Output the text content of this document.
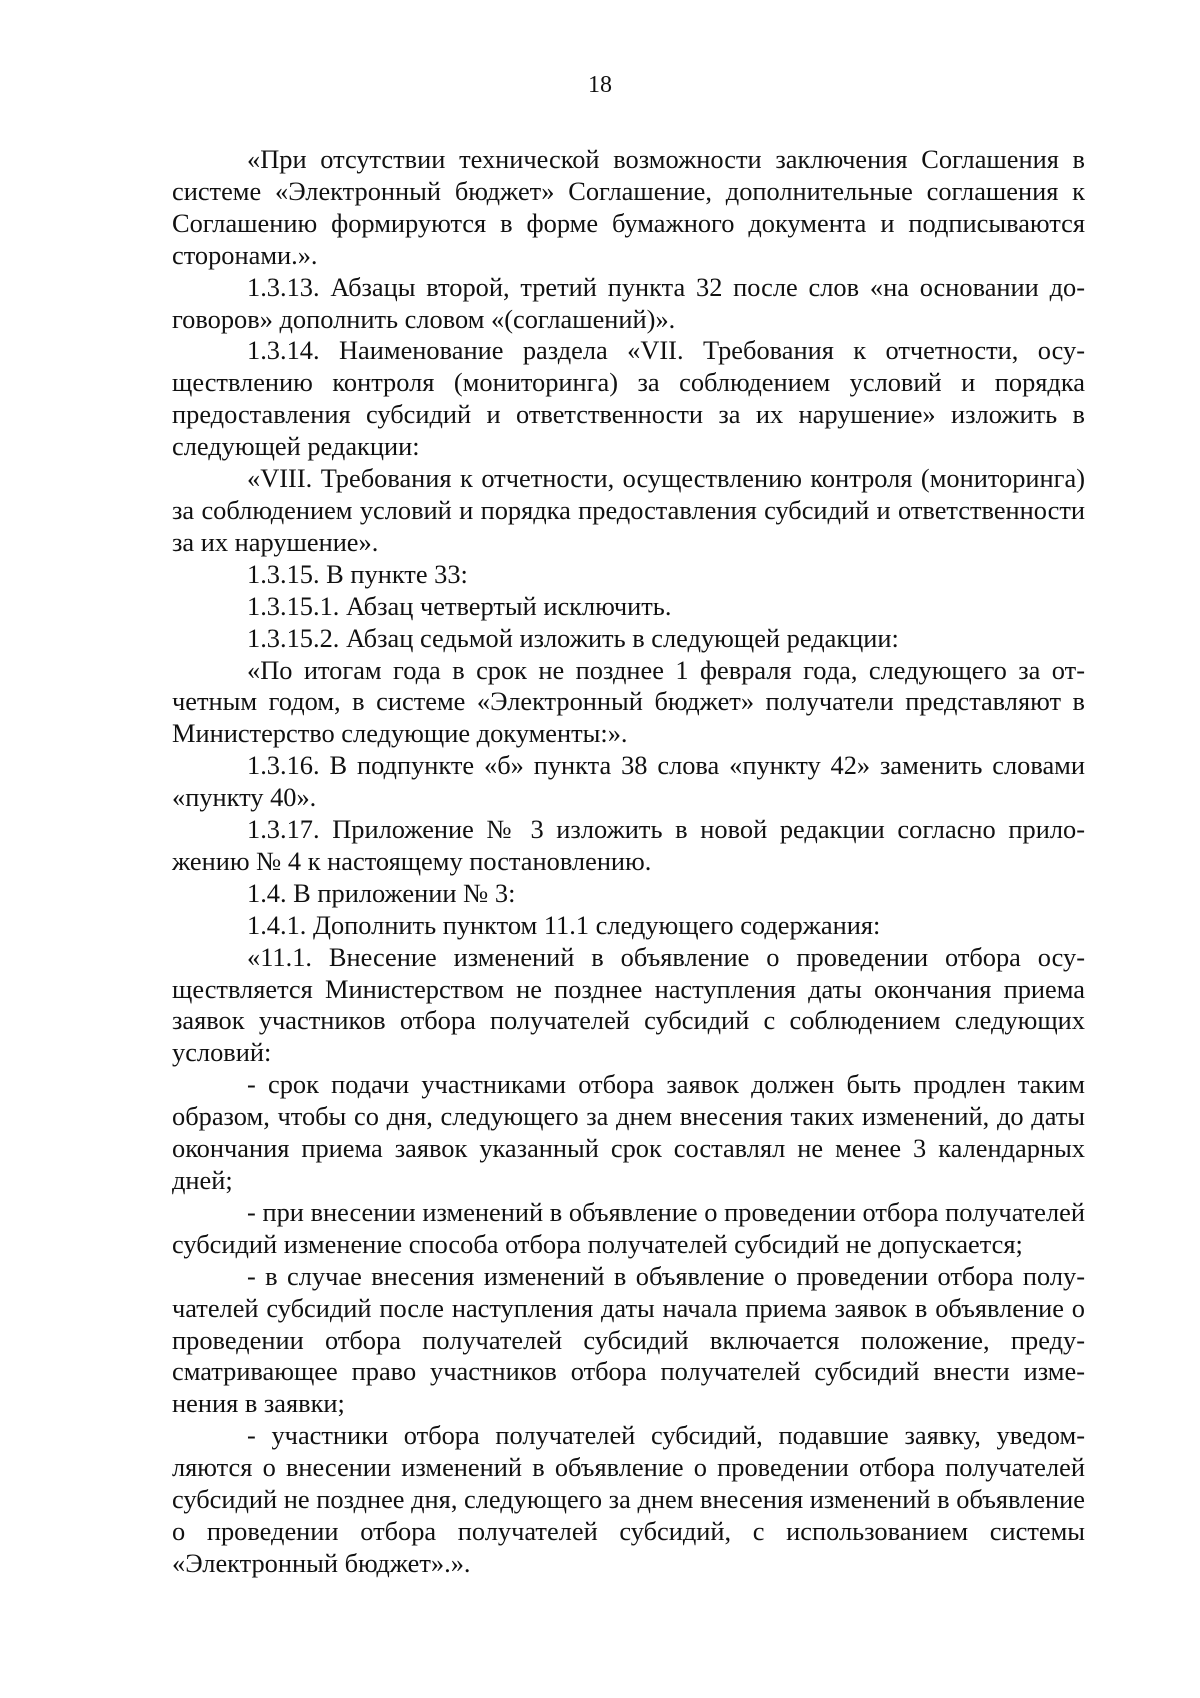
18

«При отсутствии технической возможности заключения Соглашения в системе «Электронный бюджет» Соглашение, дополнительные соглашения к Соглашению формируются в форме бумажного документа и подписываются сторонами.».

1.3.13. Абзацы второй, третий пункта 32 после слов «на основании договоров» дополнить словом «(соглашений)».

1.3.14. Наименование раздела «VII. Требования к отчетности, осуществлению контроля (мониторинга) за соблюдением условий и порядка предоставления субсидий и ответственности за их нарушение» изложить в следующей редакции:

«VIII. Требования к отчетности, осуществлению контроля (мониторинга) за соблюдением условий и порядка предоставления субсидий и ответственности за их нарушение».

1.3.15. В пункте 33:

1.3.15.1. Абзац четвертый исключить.

1.3.15.2. Абзац седьмой изложить в следующей редакции:

«По итогам года в срок не позднее 1 февраля года, следующего за отчетным годом, в системе «Электронный бюджет» получатели представляют в Министерство следующие документы:».

1.3.16. В подпункте «б» пункта 38 слова «пункту 42» заменить словами «пункту 40».

1.3.17. Приложение № 3 изложить в новой редакции согласно приложению № 4 к настоящему постановлению.

1.4. В приложении № 3:

1.4.1. Дополнить пунктом 11.1 следующего содержания:

«11.1. Внесение изменений в объявление о проведении отбора осуществляется Министерством не позднее наступления даты окончания приема заявок участников отбора получателей субсидий с соблюдением следующих условий:

- срок подачи участниками отбора заявок должен быть продлен таким образом, чтобы со дня, следующего за днем внесения таких изменений, до даты окончания приема заявок указанный срок составлял не менее 3 календарных дней;

- при внесении изменений в объявление о проведении отбора получателей субсидий изменение способа отбора получателей субсидий не допускается;

- в случае внесения изменений в объявление о проведении отбора получателей субсидий после наступления даты начала приема заявок в объявление о проведении отбора получателей субсидий включается положение, предусматривающее право участников отбора получателей субсидий внести изменения в заявки;

- участники отбора получателей субсидий, подавшие заявку, уведомляются о внесении изменений в объявление о проведении отбора получателей субсидий не позднее дня, следующего за днем внесения изменений в объявление о проведении отбора получателей субсидий, с использованием системы «Электронный бюджет».».
